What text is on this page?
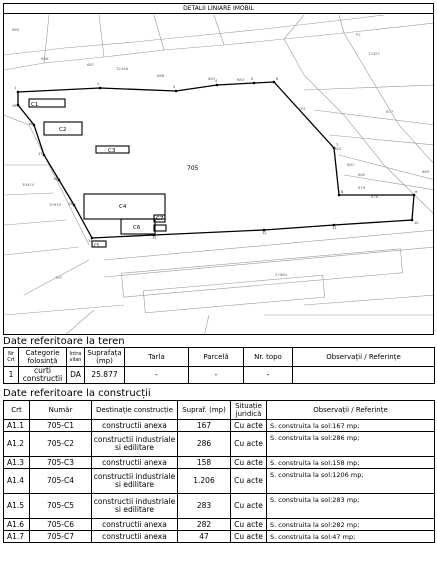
DETALII LINIARE IMOBIL
C1
C2
C3
C4
C7
C6
C5
705
685
686
687
72448
686
685	684
683
682
681
680
679
678
677
669
P2
72457
30914
30915
707
27984
1
2
3
4	5	6
7
8	9
10
11
12
13
14
15
16
17
18
19
Date referitoare la teren
Nr Crt	Categorie folosință	Intra vilan	Suprafața (mp)	Tarla	Parcelă	Nr. topo	Observații / Referințe
1	curti constructii	DA	25.877	-	-	-	
Date referitoare la construcții
Crt	Număr	Destinație construcție	Supraf. (mp)	Situație juridică	Observații / Referințe
A1.1	705-C1	constructii anexa	167	Cu acte	S. construita la sol:167 mp;
A1.2	705-C2	constructii industriale si edilitare	286	Cu acte	S. construita la sol:286 mp;
A1.3	705-C3	constructii anexa	158	Cu acte	S. construita la sol:158 mp;
A1.4	705-C4	constructii industriale si edilitare	1.206	Cu acte	S. construita la sol:1206 mp;
A1.5	705-C5	constructii industriale si edilitare	283	Cu acte	S. construita la sol:283 mp;
A1.6	705-C6	constructii anexa	282	Cu acte	S. construita la sol:282 mp;
A1.7	705-C7	constructii anexa	47	Cu acte	S. construita la sol:47 mp;
